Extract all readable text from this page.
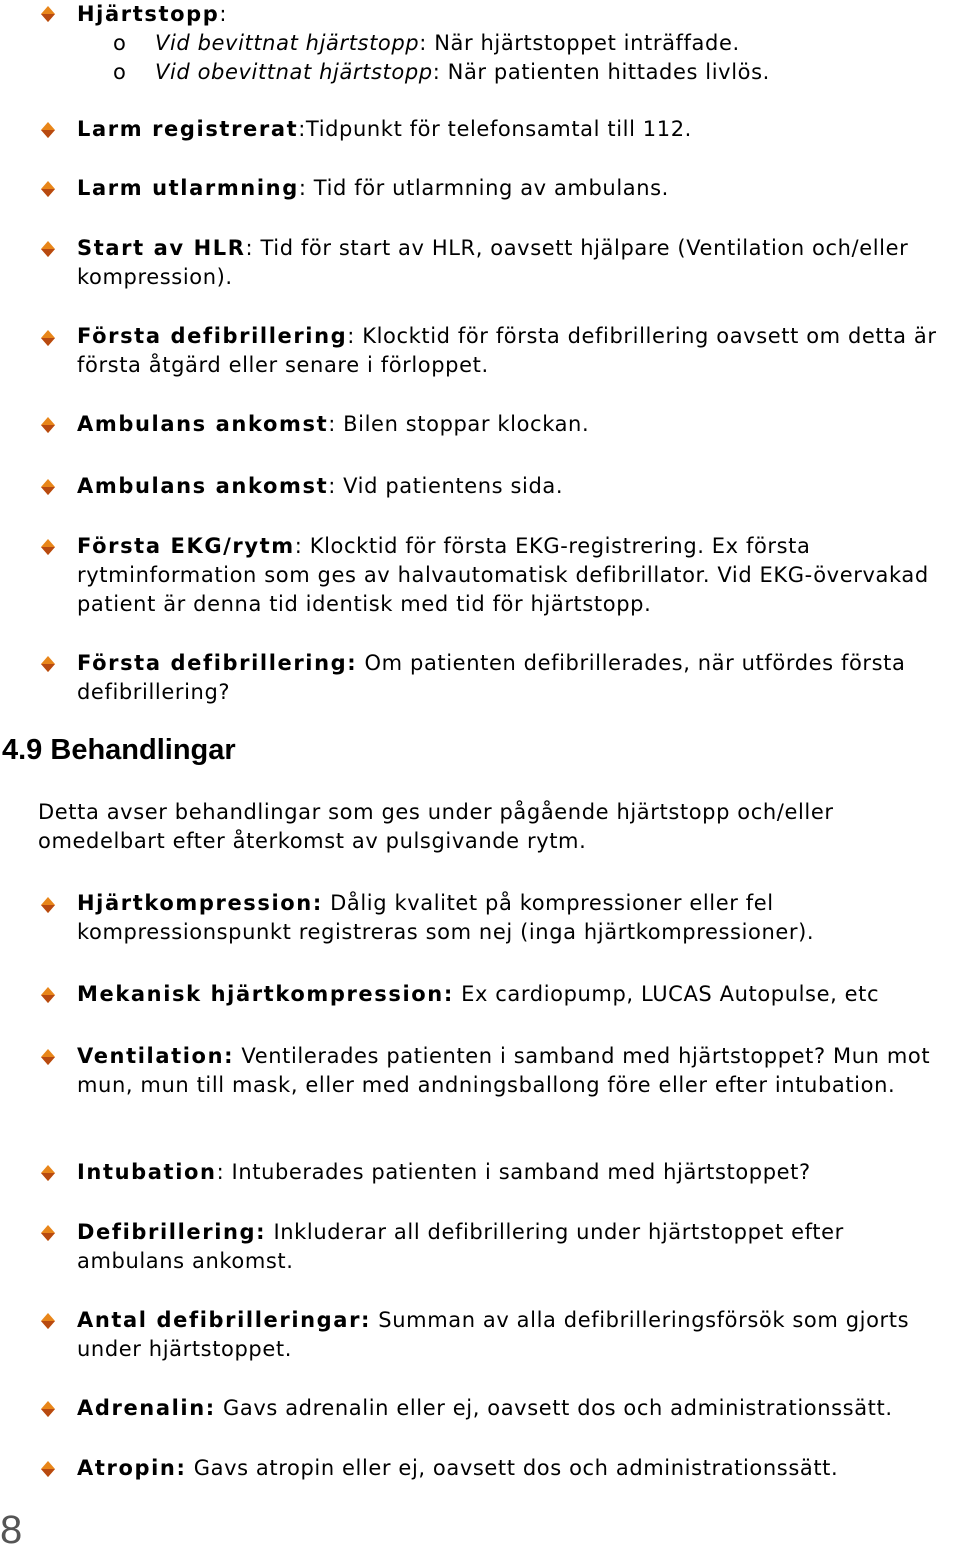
Hjärtstopp:
o Vid bevittnat hjärtstopp: När hjärtstoppet inträffade.
o Vid obevittnat hjärtstopp: När patienten hittades livlös.
Larm registrerat:Tidpunkt för telefonsamtal till 112.
Larm utlarmning: Tid för utlarmning av ambulans.
Start av HLR: Tid för start av HLR, oavsett hjälpare (Ventilation och/eller kompression).
Första defibrillering: Klocktid för första defibrillering oavsett om detta är första åtgärd eller senare i förloppet.
Ambulans ankomst: Bilen stoppar klockan.
Ambulans ankomst: Vid patientens sida.
Första EKG/rytm: Klocktid för första EKG-registrering. Ex första rytminformation som ges av halvautomatisk defibrillator. Vid EKG-övervakad patient är denna tid identisk med tid för hjärtstopp.
Första defibrillering: Om patienten defibrillerades, när utfördes första defibrillering?
4.9 Behandlingar
Detta avser behandlingar som ges under pågående hjärtstopp och/eller omedelbart efter återkomst av pulsgivande rytm.
Hjärtkompression: Dålig kvalitet på kompressioner eller fel kompressionspunkt registreras som nej (inga hjärtkompressioner).
Mekanisk hjärtkompression: Ex cardiopump, LUCAS Autopulse, etc
Ventilation: Ventilerades patienten i samband med hjärtstoppet? Mun mot mun, mun till mask, eller med andningsballong före eller efter intubation.
Intubation: Intuberades patienten i samband med hjärtstoppet?
Defibrillering: Inkluderar all defibrillering under hjärtstoppet efter ambulans ankomst.
Antal defibrilleringar: Summan av alla defibrilleringsförsök som gjorts under hjärtstoppet.
Adrenalin: Gavs adrenalin eller ej, oavsett dos och administrationssätt.
Atropin: Gavs atropin eller ej, oavsett dos och administrationssätt.
8
